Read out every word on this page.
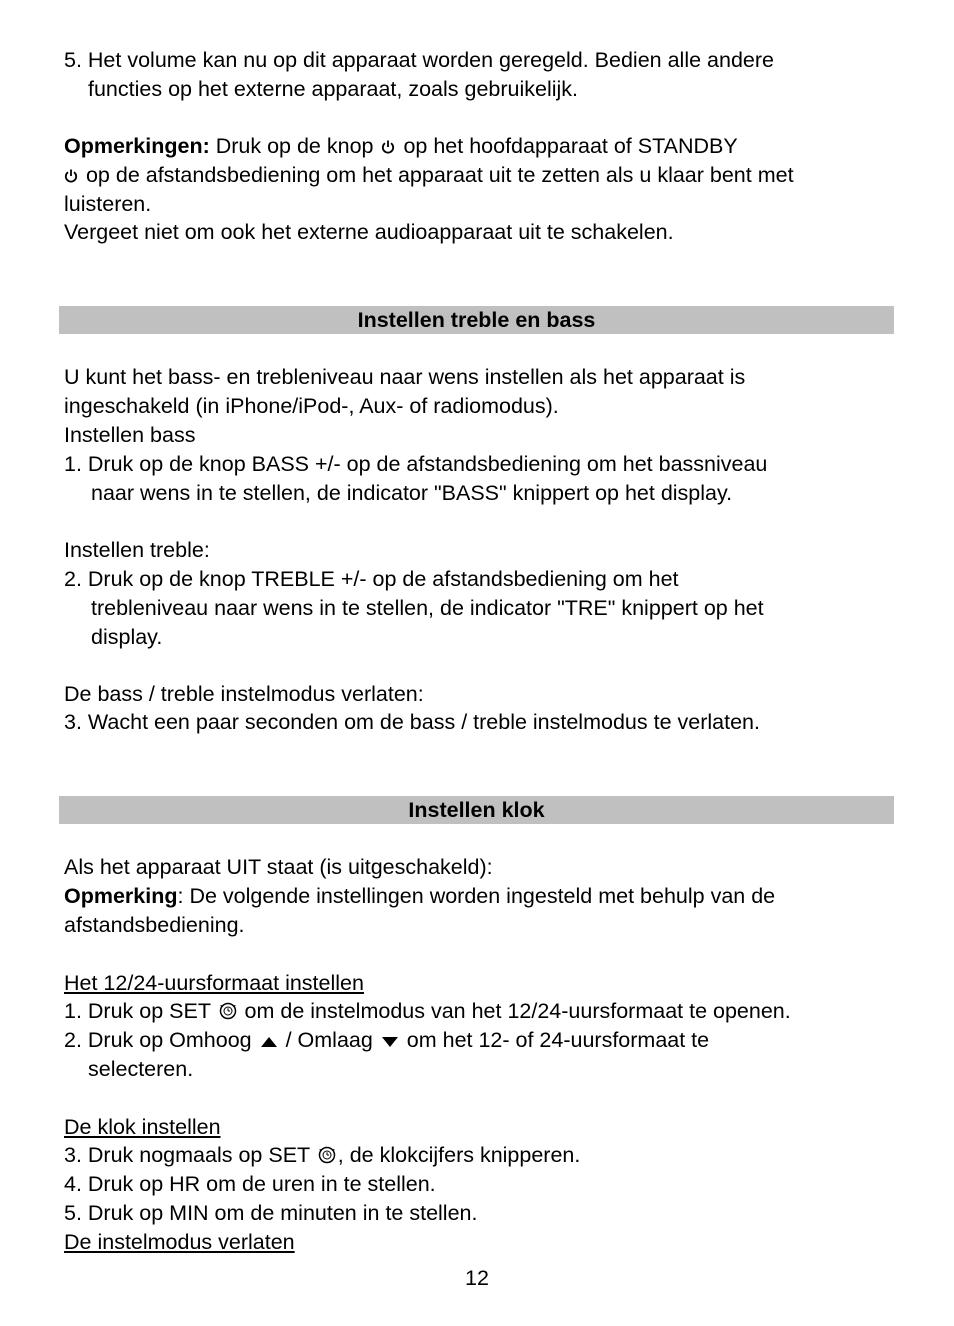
5. Het volume kan nu op dit apparaat worden geregeld. Bedien alle andere
functies op het externe apparaat, zoals gebruikelijk.
Opmerkingen: Druk op de knop  op het hoofdapparaat of STANDBY
op de afstandsbediening om het apparaat uit te zetten als u klaar bent met
luisteren.
Vergeet niet om ook het externe audioapparaat uit te schakelen.
Instellen treble en bass
U kunt het bass- en trebleniveau naar wens instellen als het apparaat is
ingeschakeld (in iPhone/iPod-, Aux- of radiomodus).
Instellen bass
1. Druk op de knop BASS +/- op de afstandsbediening om het bassniveau
naar wens in te stellen, de indicator "BASS" knippert op het display.
Instellen treble:
2. Druk op de knop TREBLE +/- op de afstandsbediening om het
trebleniveau naar wens in te stellen, de indicator "TRE" knippert op het
display.
De bass / treble instelmodus verlaten:
3. Wacht een paar seconden om de bass / treble instelmodus te verlaten.
Instellen klok
Als het apparaat UIT staat (is uitgeschakeld):
Opmerking: De volgende instellingen worden ingesteld met behulp van de
afstandsbediening.
Het 12/24-uursformaat instellen
1. Druk op SET  om de instelmodus van het 12/24-uursformaat te openen.
2. Druk op Omhoog  / Omlaag  om het 12- of 24-uursformaat te
selecteren.
De klok instellen
3. Druk nogmaals op SET , de klokcijfers knipperen.
4. Druk op HR om de uren in te stellen.
5. Druk op MIN om de minuten in te stellen.
De instelmodus verlaten
12
